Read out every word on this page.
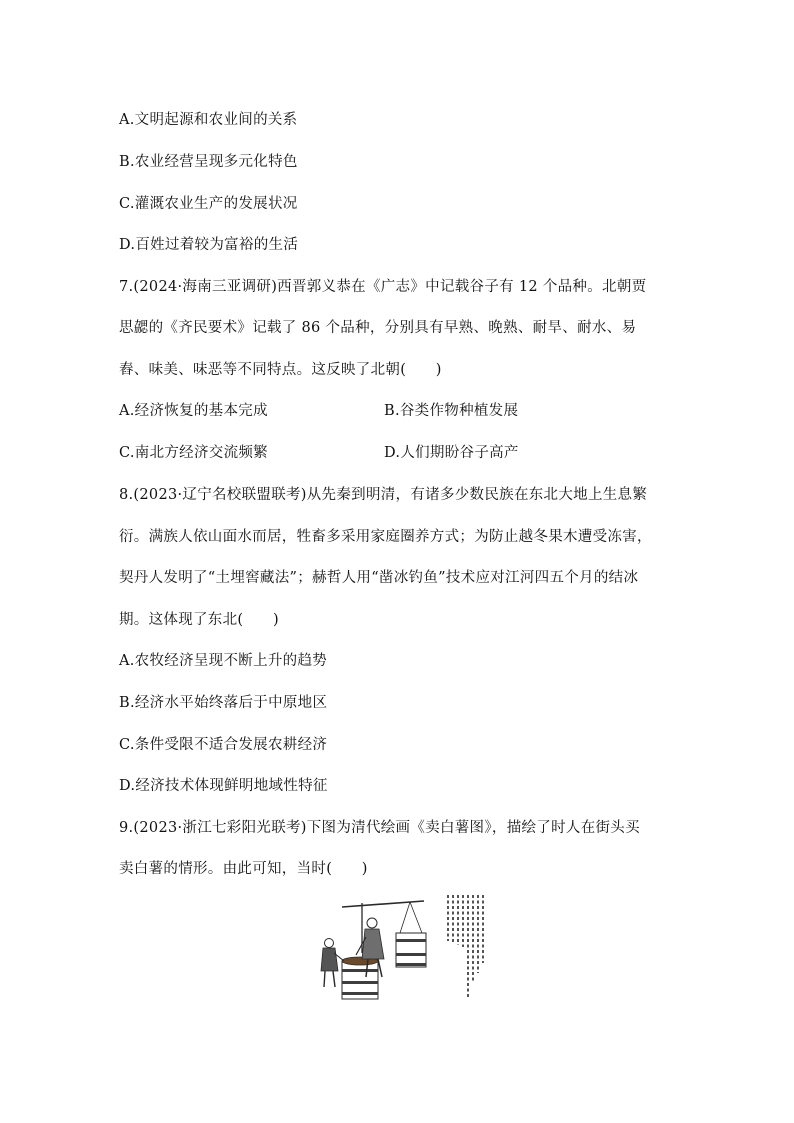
A.文明起源和农业间的关系
B.农业经营呈现多元化特色
C.灌溉农业生产的发展状况
D.百姓过着较为富裕的生活
7.(2024·海南三亚调研)西晋郭义恭在《广志》中记载谷子有 12 个品种。北朝贾
思勰的《齐民要术》记载了 86 个品种，分别具有早熟、晚熟、耐旱、耐水、易
舂、味美、味恶等不同特点。这反映了北朝(　　)
A.经济恢复的基本完成	B.谷类作物种植发展
C.南北方经济交流频繁	D.人们期盼谷子高产
8.(2023·辽宁名校联盟联考)从先秦到明清，有诸多少数民族在东北大地上生息繁
衍。满族人依山面水而居，牲畜多采用家庭圈养方式；为防止越冬果木遭受冻害，
契丹人发明了“土埋窖藏法”；赫哲人用“凿冰钓鱼”技术应对江河四五个月的结冰
期。这体现了东北(　　)
A.农牧经济呈现不断上升的趋势
B.经济水平始终落后于中原地区
C.条件受限不适合发展农耕经济
D.经济技术体现鲜明地域性特征
9.(2023·浙江七彩阳光联考)下图为清代绘画《卖白薯图》，描绘了时人在街头买
卖白薯的情形。由此可知，当时(　　)
